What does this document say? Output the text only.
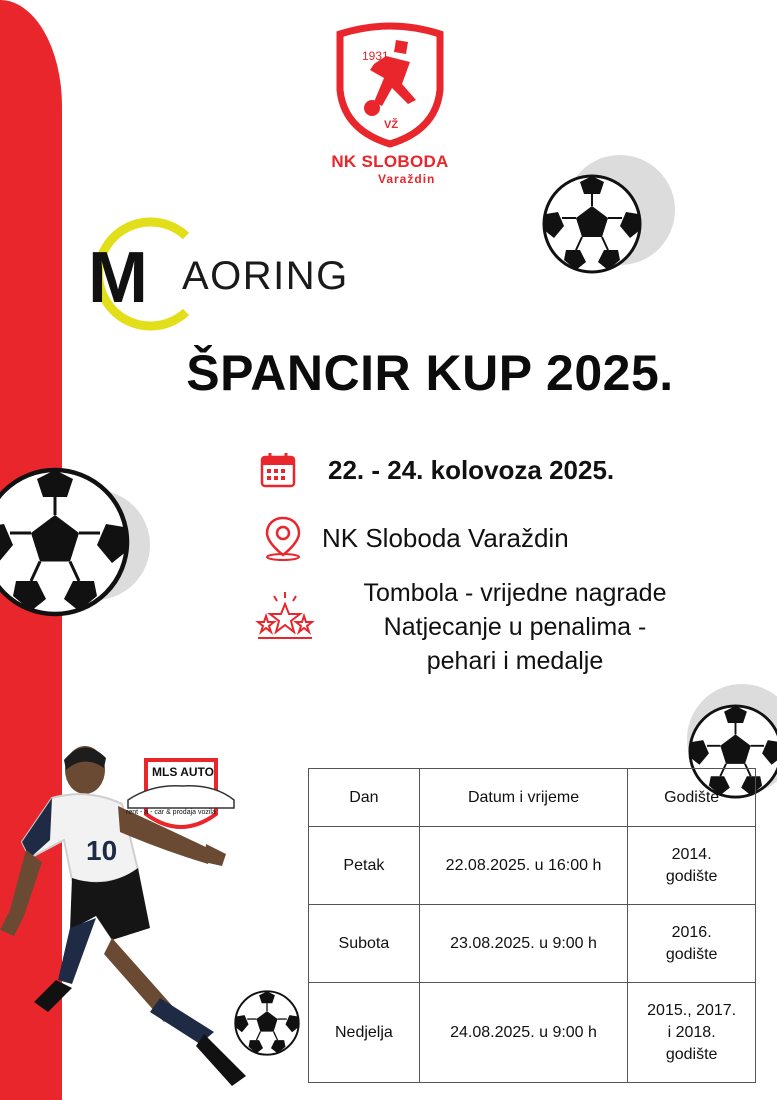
1931
VŽ
NK SLOBODA
Varaždin
M AORING
ŠPANCIR KUP 2025.
22. - 24. kolovoza 2025.
NK Sloboda Varaždin
Tombola - vrijedne nagrade
Natjecanje u penalima -
pehari i medalje
10
MLS AUTO
rent - a - car & prodaja vozila
Dan	Datum i vrijeme	Godište
Petak	22.08.2025. u 16:00 h	2014.
godište

Subota	23.08.2025. u 9:00 h	2016.
godište

Nedjelja	24.08.2025. u 9:00 h	2015., 2017.
i 2018.
godište
